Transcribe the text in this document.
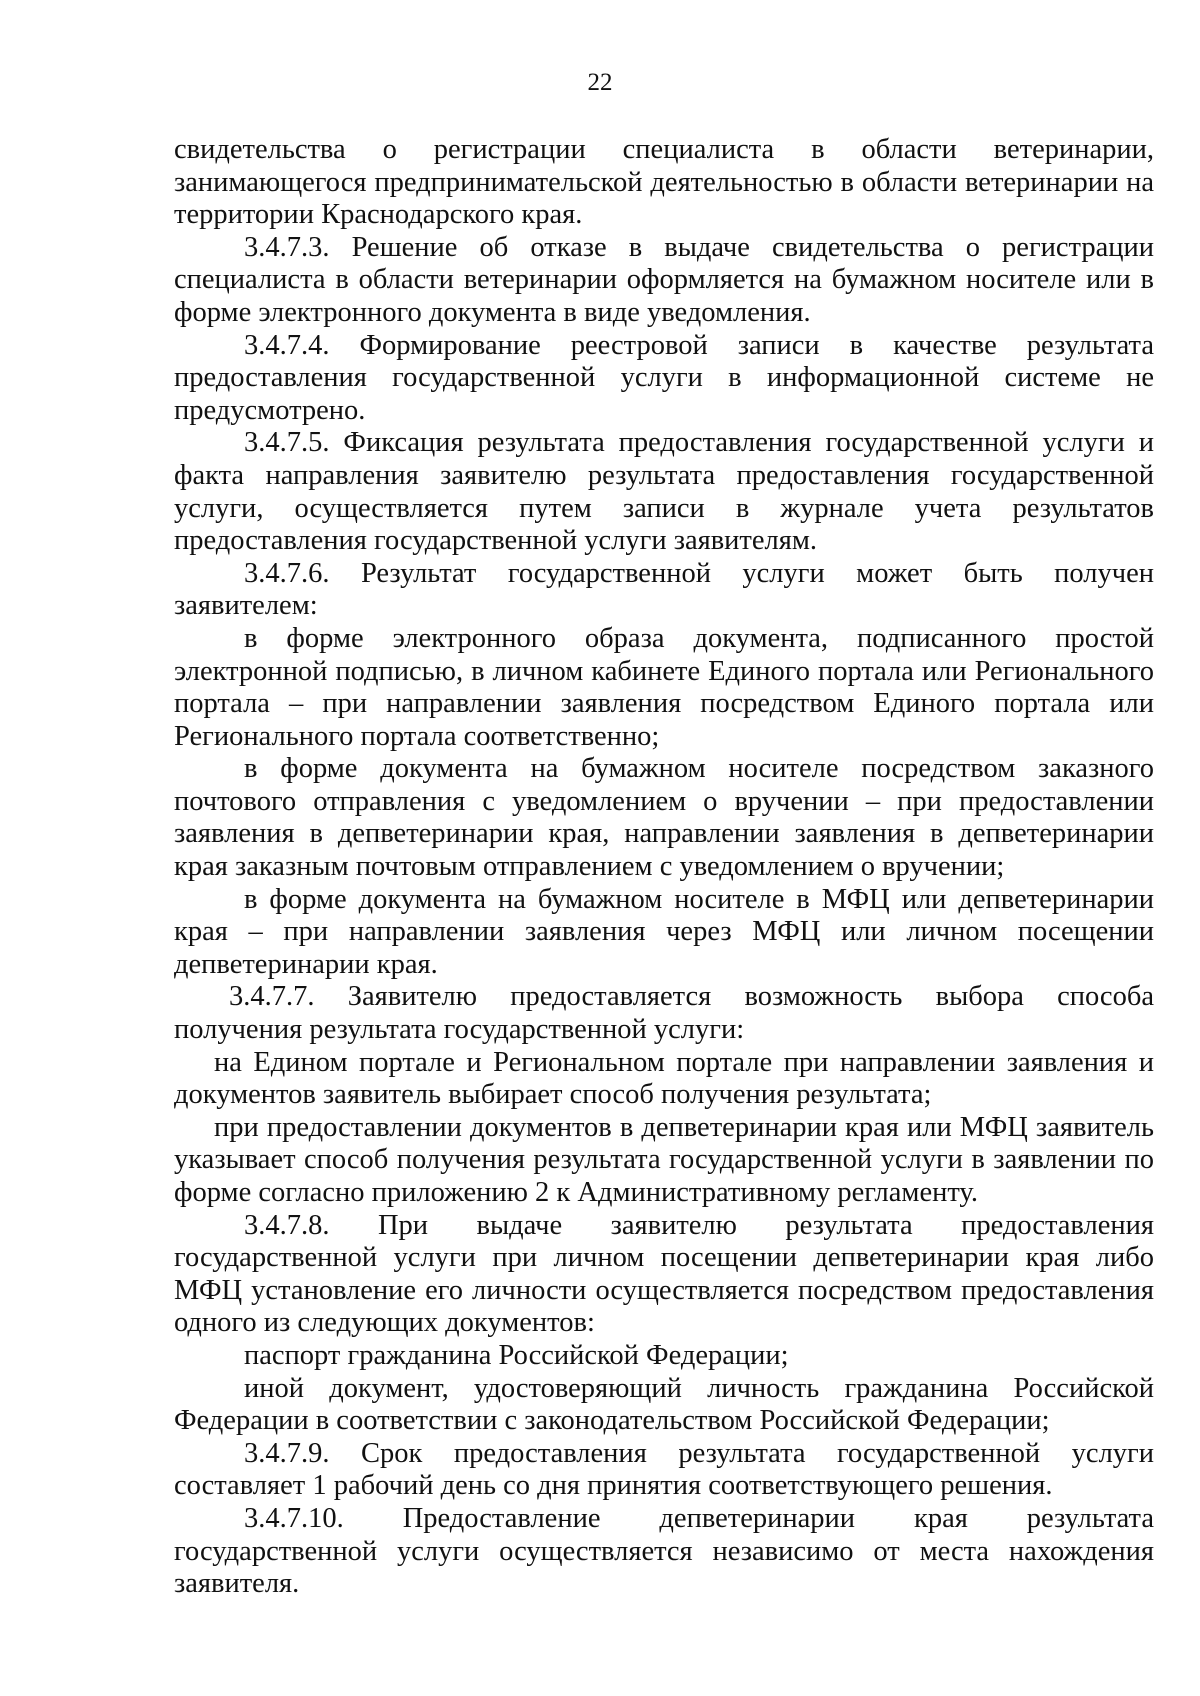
22

свидетельства о регистрации специалиста в области ветеринарии, занимающегося предпринимательской деятельностью в области ветеринарии на территории Краснодарского края.

3.4.7.3. Решение об отказе в выдаче свидетельства о регистрации специалиста в области ветеринарии оформляется на бумажном носителе или в форме электронного документа в виде уведомления.

3.4.7.4. Формирование реестровой записи в качестве результата предоставления государственной услуги в информационной системе не предусмотрено.

3.4.7.5. Фиксация результата предоставления государственной услуги и факта направления заявителю результата предоставления государственной услуги, осуществляется путем записи в журнале учета результатов предоставления государственной услуги заявителям.

3.4.7.6. Результат государственной услуги может быть получен заявителем:

в форме электронного образа документа, подписанного простой электронной подписью, в личном кабинете Единого портала или Регионального портала – при направлении заявления посредством Единого портала или Регионального портала соответственно;

в форме документа на бумажном носителе посредством заказного почтового отправления с уведомлением о вручении – при предоставлении заявления в депветеринарии края, направлении заявления в депветеринарии края заказным почтовым отправлением с уведомлением о вручении;

в форме документа на бумажном носителе в МФЦ или депветеринарии края – при направлении заявления через МФЦ или личном посещении депветеринарии края.

3.4.7.7. Заявителю предоставляется возможность выбора способа получения результата государственной услуги:

на Едином портале и Региональном портале при направлении заявления и документов заявитель выбирает способ получения результата;

при предоставлении документов в депветеринарии края или МФЦ заявитель указывает способ получения результата государственной услуги в заявлении по форме согласно приложению 2 к Административному регламенту.

3.4.7.8. При выдаче заявителю результата предоставления государственной услуги при личном посещении депветеринарии края либо МФЦ установление его личности осуществляется посредством предоставления одного из следующих документов:

паспорт гражданина Российской Федерации;

иной документ, удостоверяющий личность гражданина Российской Федерации в соответствии с законодательством Российской Федерации;

3.4.7.9. Срок предоставления результата государственной услуги составляет 1 рабочий день со дня принятия соответствующего решения.

3.4.7.10. Предоставление депветеринарии края результата государственной услуги осуществляется независимо от места нахождения заявителя.
